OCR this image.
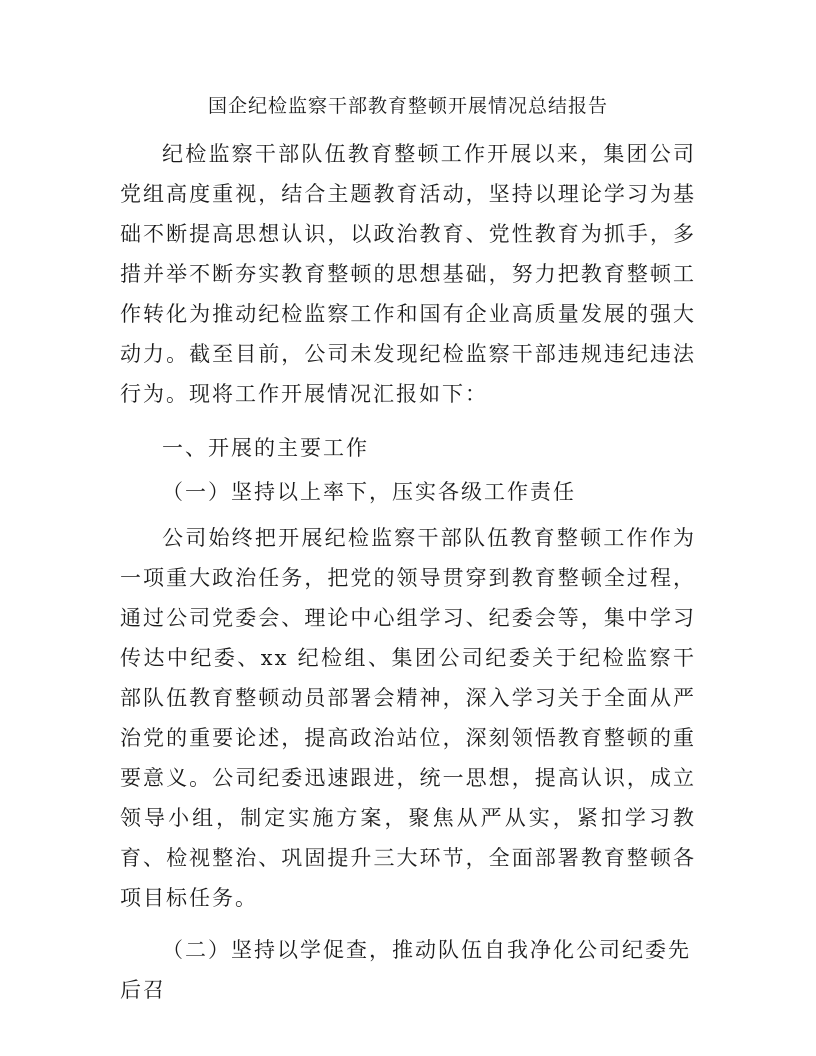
国企纪检监察干部教育整顿开展情况总结报告

纪检监察干部队伍教育整顿工作开展以来，集团公司党组高度重视，结合主题教育活动，坚持以理论学习为基础不断提高思想认识，以政治教育、党性教育为抓手，多措并举不断夯实教育整顿的思想基础，努力把教育整顿工作转化为推动纪检监察工作和国有企业高质量发展的强大动力。截至目前，公司未发现纪检监察干部违规违纪违法行为。现将工作开展情况汇报如下：

一、开展的主要工作

（一）坚持以上率下，压实各级工作责任

公司始终把开展纪检监察干部队伍教育整顿工作作为一项重大政治任务，把党的领导贯穿到教育整顿全过程，通过公司党委会、理论中心组学习、纪委会等，集中学习传达中纪委、xx 纪检组、集团公司纪委关于纪检监察干部队伍教育整顿动员部署会精神，深入学习关于全面从严治党的重要论述，提高政治站位，深刻领悟教育整顿的重要意义。公司纪委迅速跟进，统一思想，提高认识，成立领导小组，制定实施方案，聚焦从严从实，紧扣学习教育、检视整治、巩固提升三大环节，全面部署教育整顿各项目标任务。

（二）坚持以学促查，推动队伍自我净化公司纪委先后召
